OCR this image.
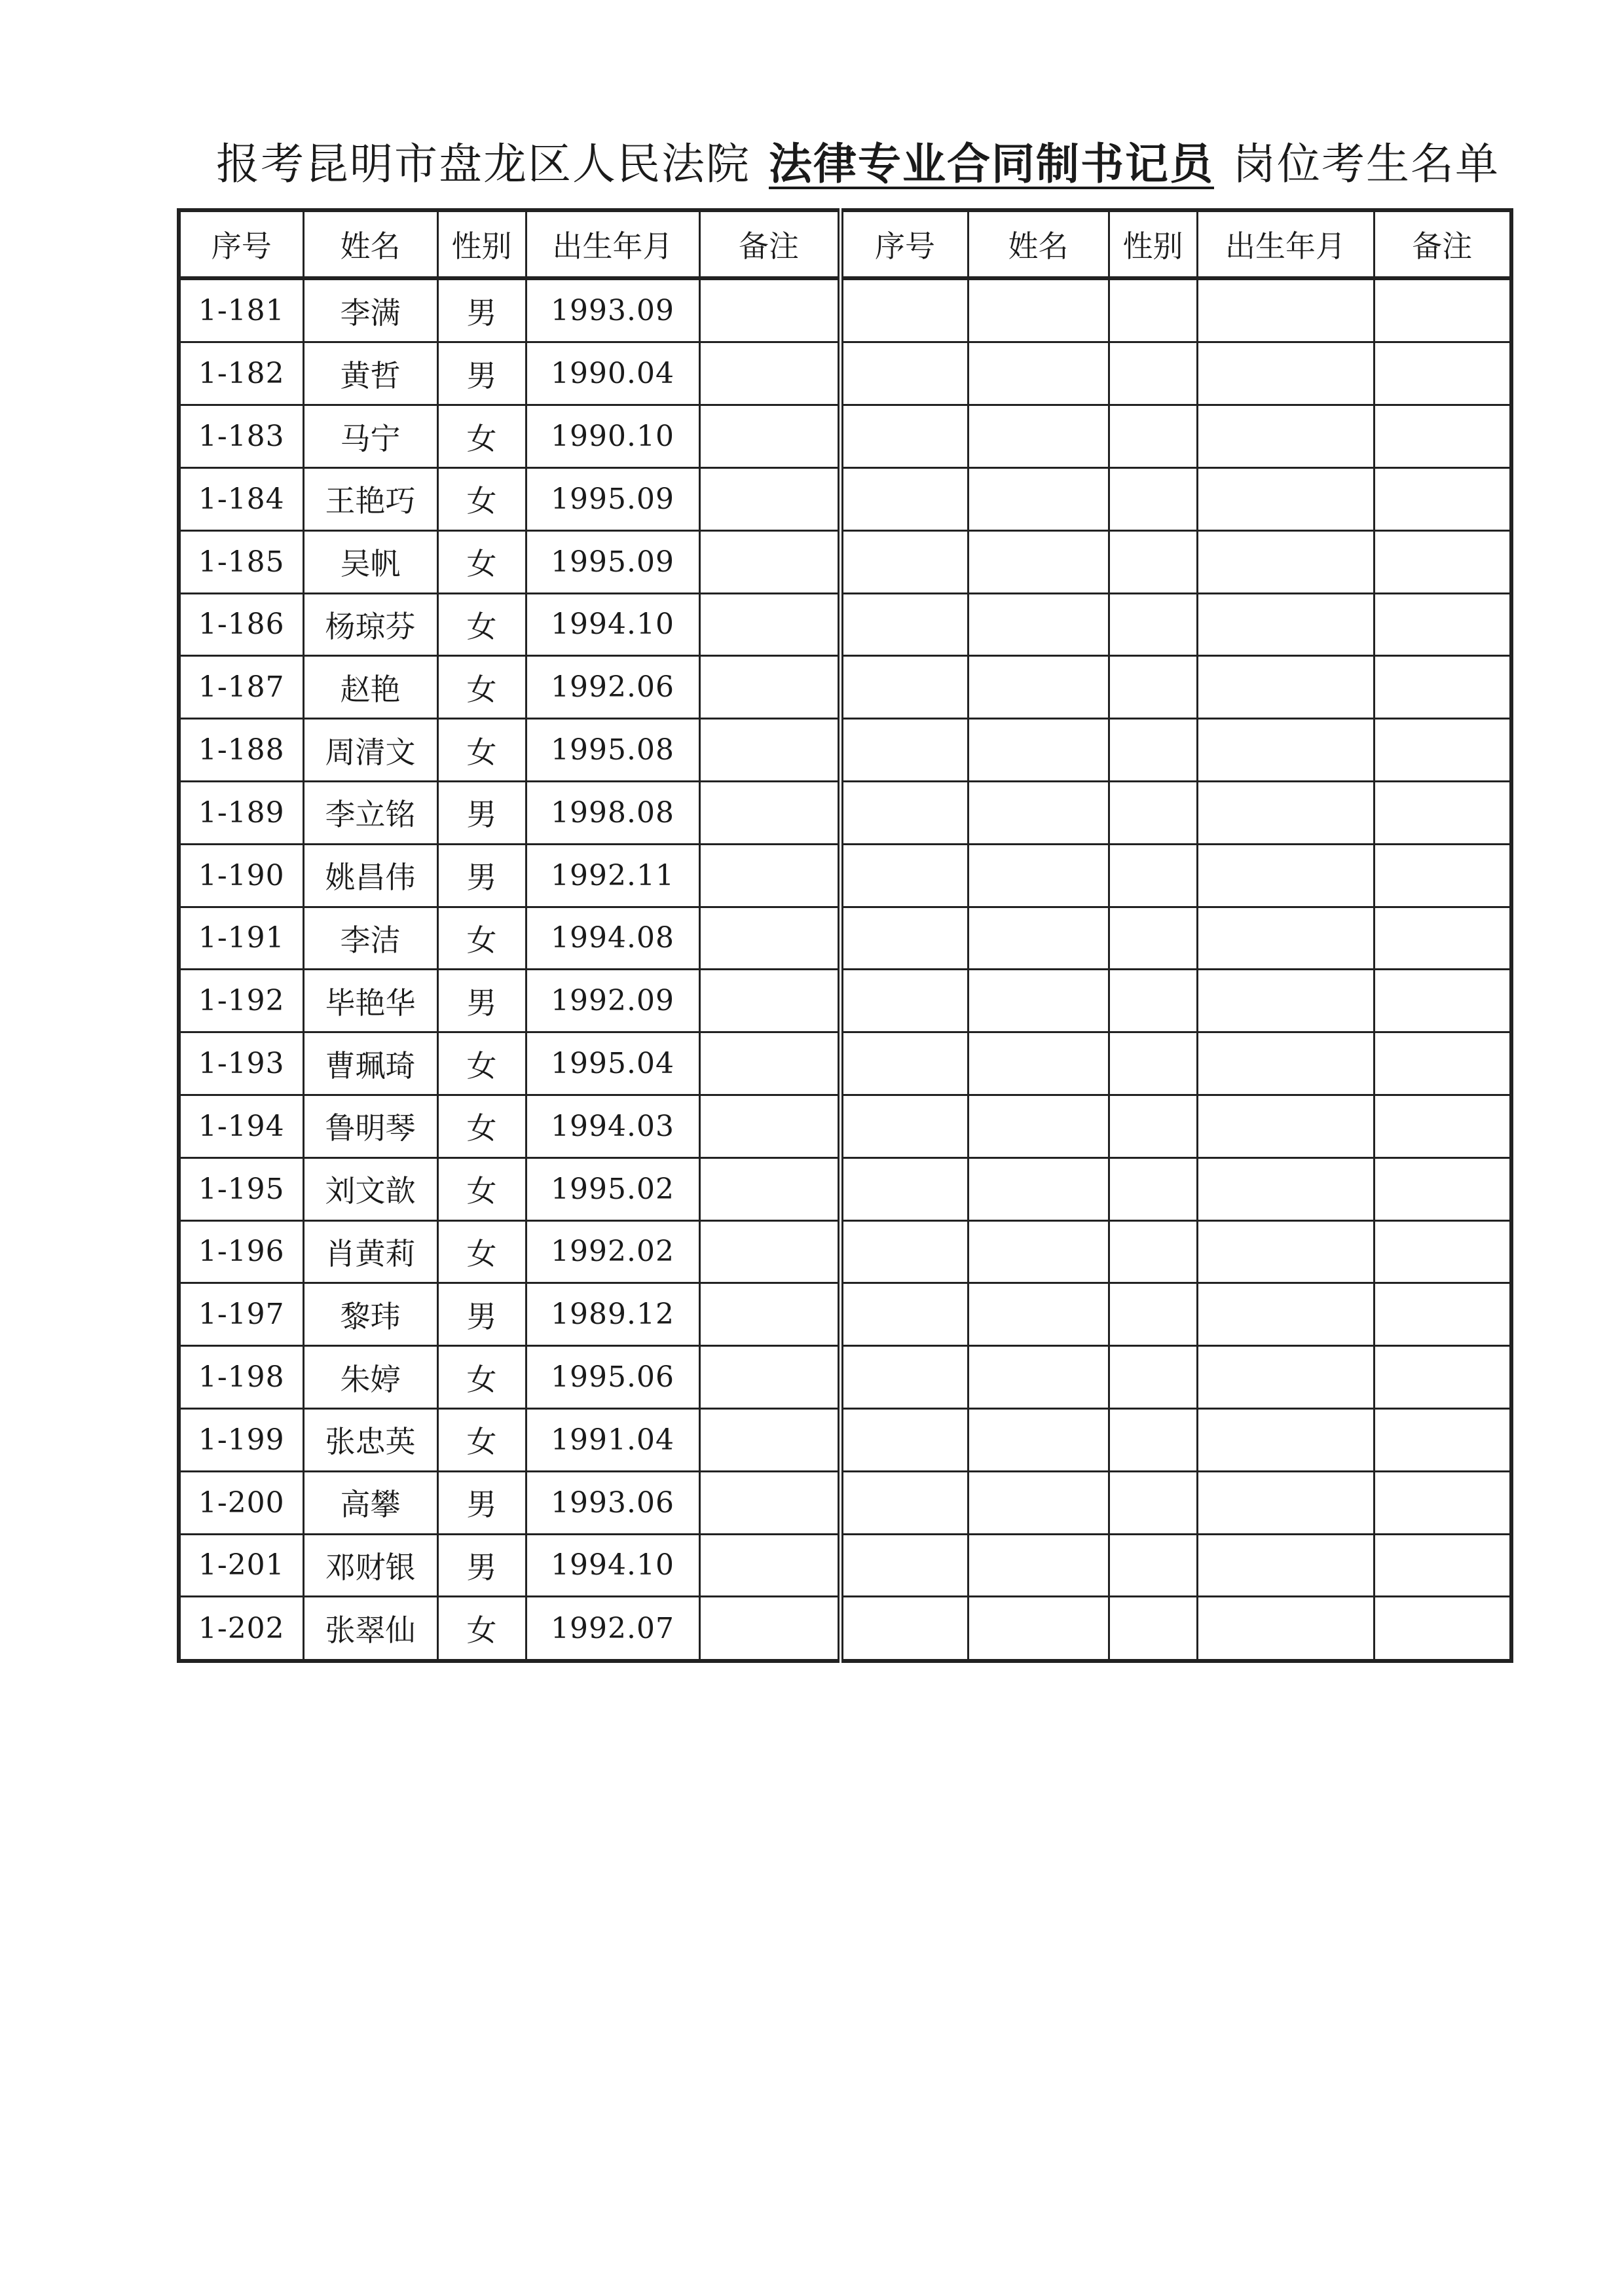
报考昆明市盘龙区人民法院 法律专业合同制书记员 岗位考生名单
序号	姓名	性别	出生年月	备注	序号	姓名	性别	出生年月	备注
1-181	李满	男	1993.09						
1-182	黄哲	男	1990.04						
1-183	马宁	女	1990.10						
1-184	王艳巧	女	1995.09						
1-185	吴帆	女	1995.09						
1-186	杨琼芬	女	1994.10						
1-187	赵艳	女	1992.06						
1-188	周清文	女	1995.08						
1-189	李立铭	男	1998.08						
1-190	姚昌伟	男	1992.11						
1-191	李洁	女	1994.08						
1-192	毕艳华	男	1992.09						
1-193	曹珮琦	女	1995.04						
1-194	鲁明琴	女	1994.03						
1-195	刘文歆	女	1995.02						
1-196	肖黄莉	女	1992.02						
1-197	黎玮	男	1989.12						
1-198	朱婷	女	1995.06						
1-199	张忠英	女	1991.04						
1-200	高攀	男	1993.06						
1-201	邓财银	男	1994.10						
1-202	张翠仙	女	1992.07						
